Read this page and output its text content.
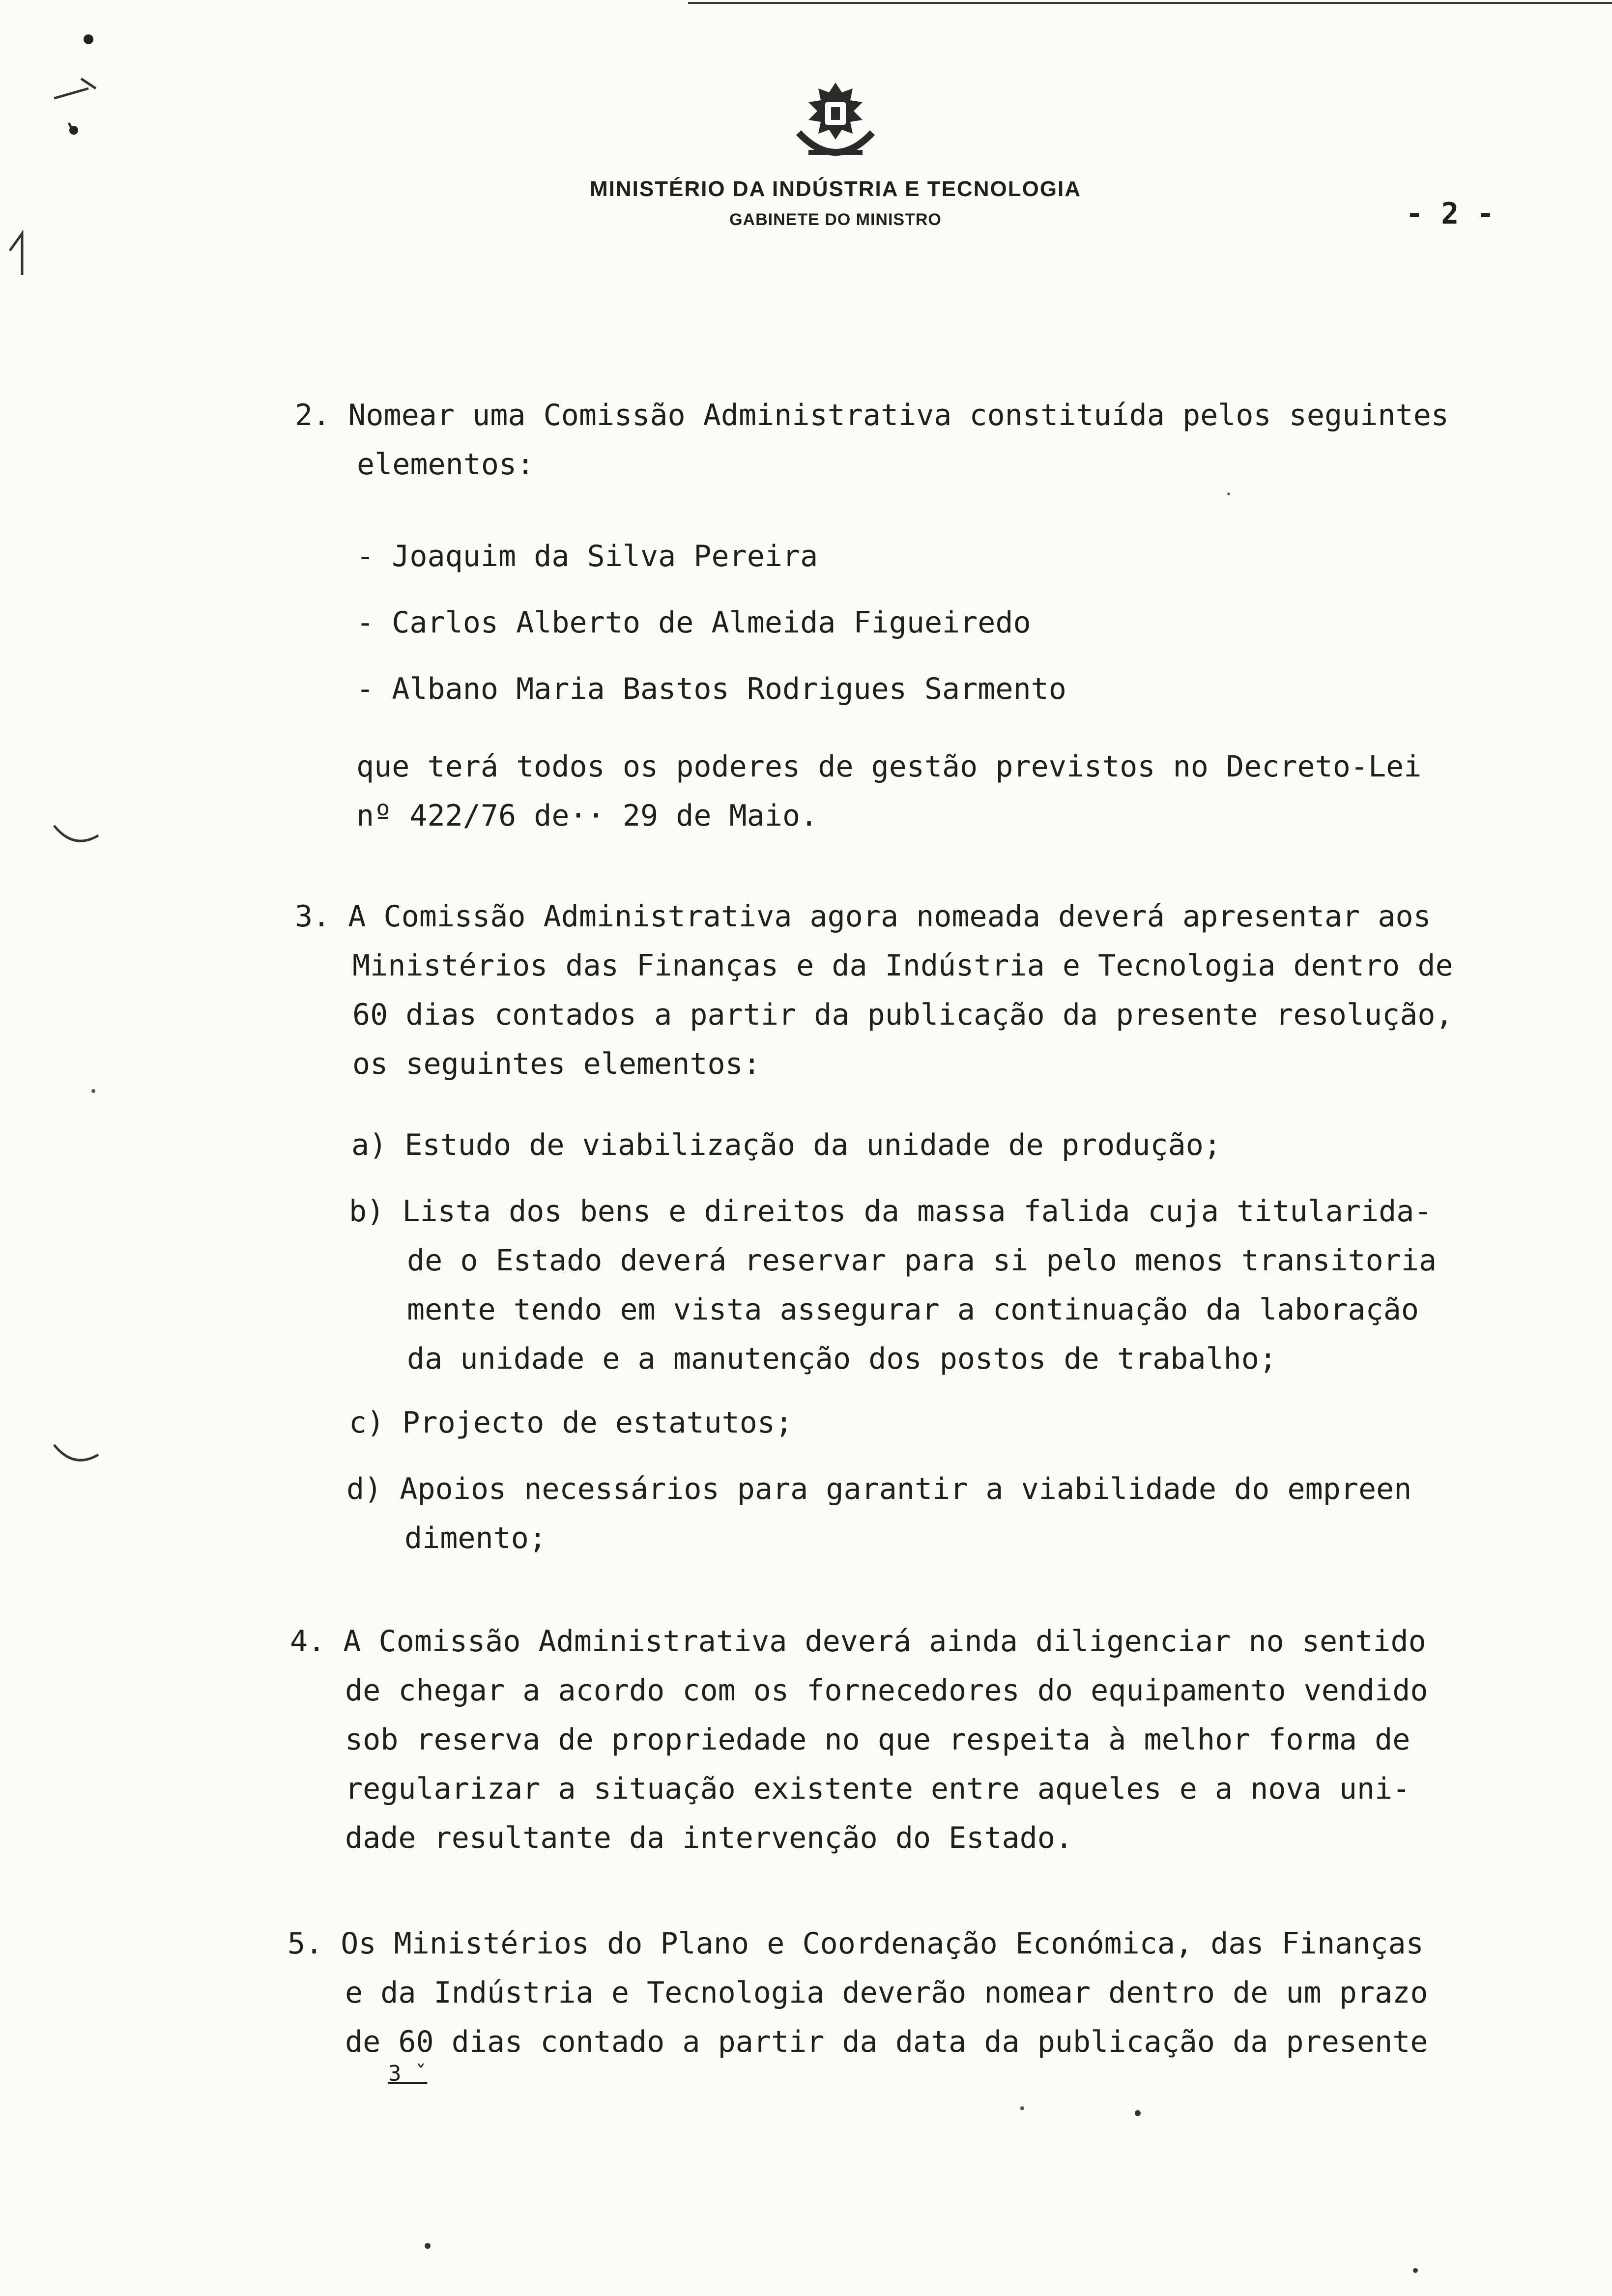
MINISTÉRIO DA INDÚSTRIA E TECNOLOGIA
GABINETE DO MINISTRO	- 2 -
2. Nomear uma Comissão Administrativa constituída pelos seguintes
elementos:
- Joaquim da Silva Pereira
- Carlos Alberto de Almeida Figueiredo
- Albano Maria Bastos Rodrigues Sarmento
que terá todos os poderes de gestão previstos no Decreto-Lei
nº 422/76 de·· 29 de Maio.
3. A Comissão Administrativa agora nomeada deverá apresentar aos
Ministérios das Finanças e da Indústria e Tecnologia dentro de
60 dias contados a partir da publicação da presente resolução,
os seguintes elementos:
a) Estudo de viabilização da unidade de produção;
b) Lista dos bens e direitos da massa falida cuja titularida-
de o Estado deverá reservar para si pelo menos transitoria
mente tendo em vista assegurar a continuação da laboração
da unidade e a manutenção dos postos de trabalho;
c) Projecto de estatutos;
d) Apoios necessários para garantir a viabilidade do empreen
dimento;
4. A Comissão Administrativa deverá ainda diligenciar no sentido
de chegar a acordo com os fornecedores do equipamento vendido
sob reserva de propriedade no que respeita à melhor forma de
regularizar a situação existente entre aqueles e a nova uni-
dade resultante da intervenção do Estado.
5. Os Ministérios do Plano e Coordenação Económica, das Finanças
e da Indústria e Tecnologia deverão nomear dentro de um prazo
de 60 dias contado a partir da data da publicação da presente
3 ˇ
